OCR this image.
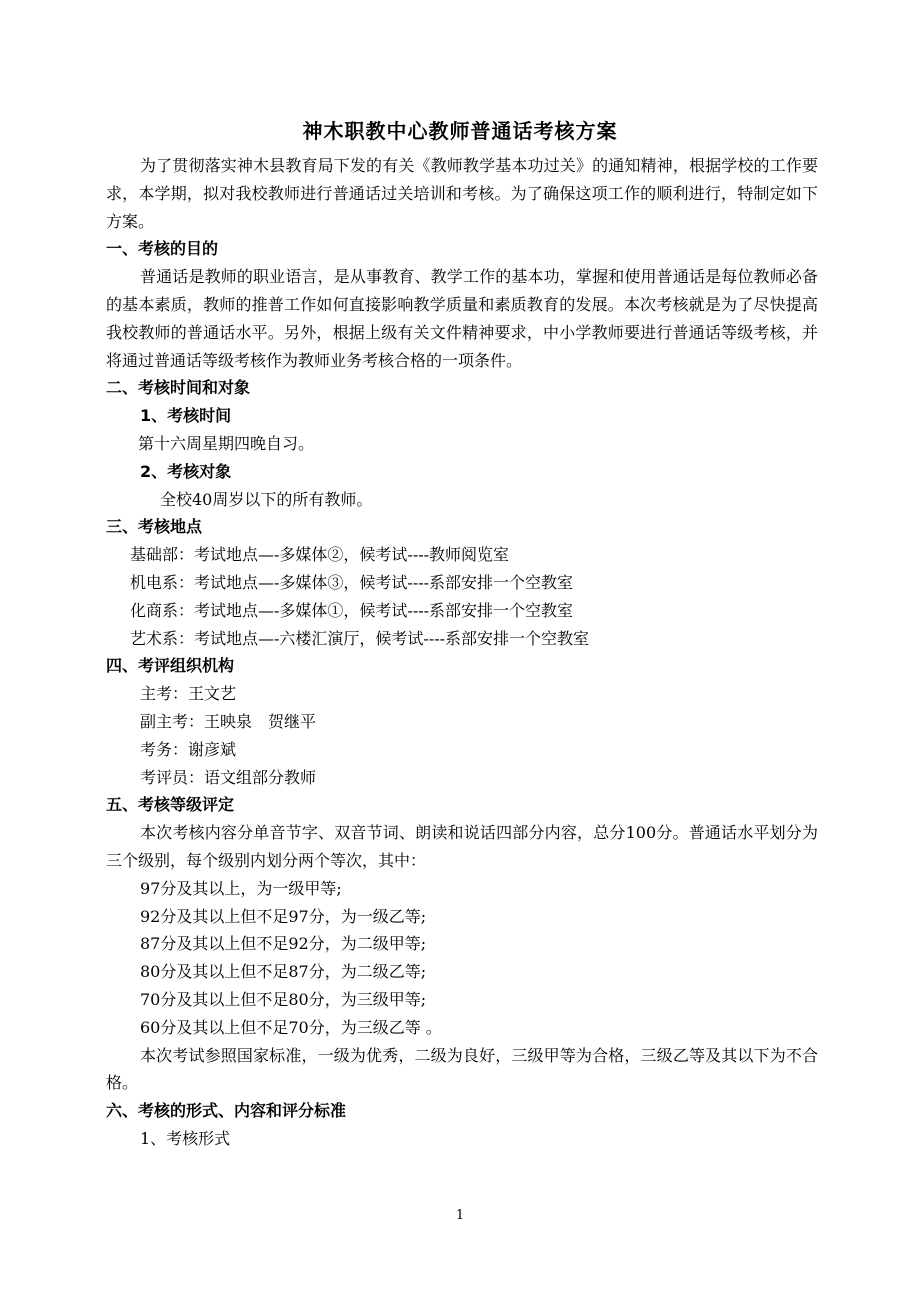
神木职教中心教师普通话考核方案

为了贯彻落实神木县教育局下发的有关《教师教学基本功过关》的通知精神，根据学校的工作要求，本学期，拟对我校教师进行普通话过关培训和考核。为了确保这项工作的顺利进行，特制定如下方案。

一、考核的目的

普通话是教师的职业语言，是从事教育、教学工作的基本功，掌握和使用普通话是每位教师必备的基本素质，教师的推普工作如何直接影响教学质量和素质教育的发展。本次考核就是为了尽快提高我校教师的普通话水平。另外，根据上级有关文件精神要求，中小学教师要进行普通话等级考核，并将通过普通话等级考核作为教师业务考核合格的一项条件。

二、考核时间和对象

1、考核时间

第十六周星期四晚自习。

2、考核对象

全校40周岁以下的所有教师。

三、考核地点

基础部：考试地点—-多媒体②，候考试----教师阅览室

机电系：考试地点—-多媒体③，候考试----系部安排一个空教室

化商系：考试地点—-多媒体①，候考试----系部安排一个空教室

艺术系：考试地点—-六楼汇演厅，候考试----系部安排一个空教室

四、考评组织机构

主考：王文艺

副主考：王映泉　贺继平

考务：谢彦斌

考评员：语文组部分教师

五、考核等级评定

本次考核内容分单音节字、双音节词、朗读和说话四部分内容，总分100分。普通话水平划分为三个级别，每个级别内划分两个等次，其中：

97分及其以上，为一级甲等;

92分及其以上但不足97分，为一级乙等;

87分及其以上但不足92分，为二级甲等;

80分及其以上但不足87分，为二级乙等;

70分及其以上但不足80分，为三级甲等;

60分及其以上但不足70分，为三级乙等 。

本次考试参照国家标准，一级为优秀，二级为良好，三级甲等为合格，三级乙等及其以下为不合格。

六、考核的形式、内容和评分标准

1、考核形式

1
